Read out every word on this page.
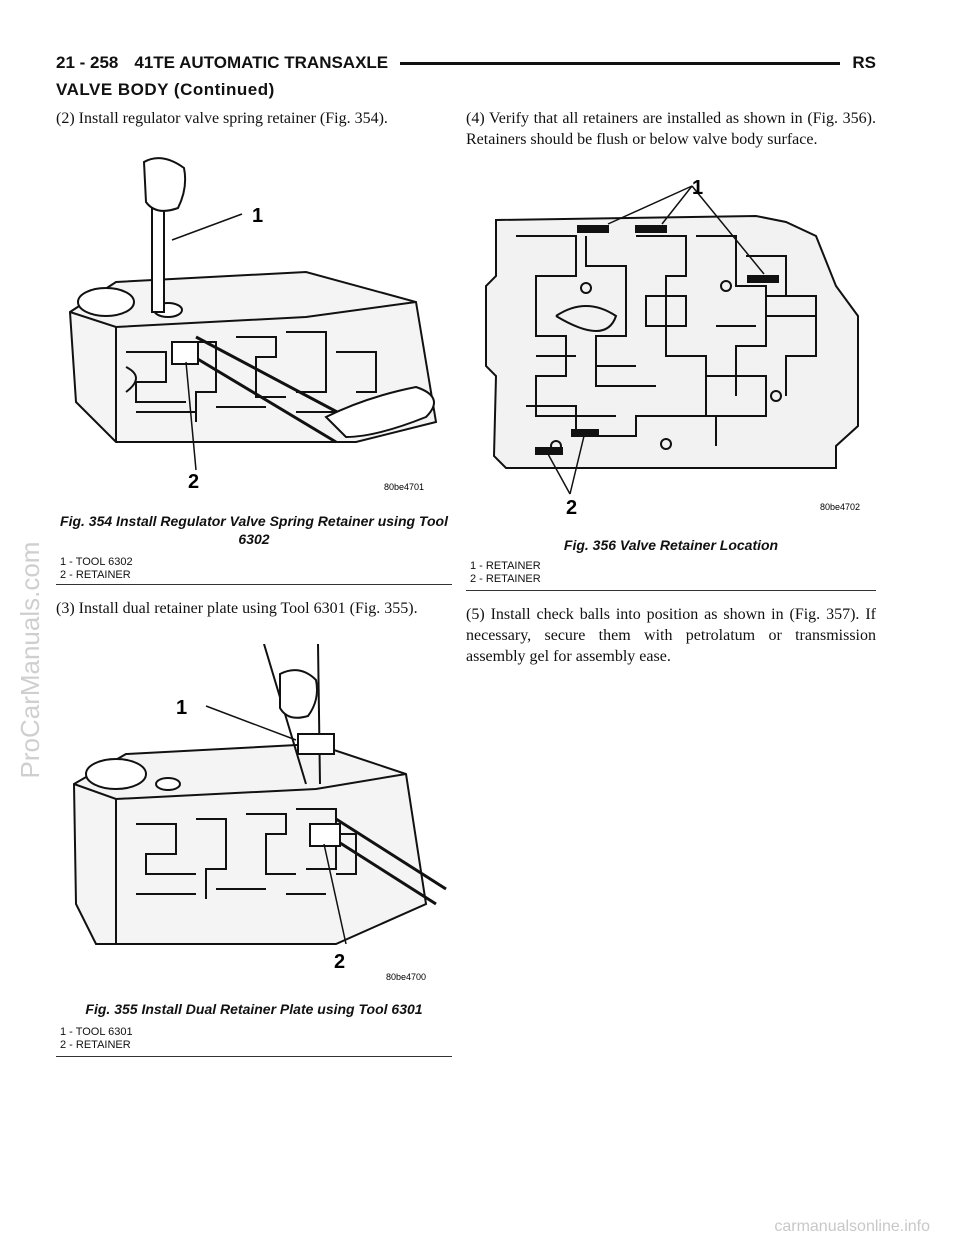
ProCarManuals.com
carmanualsonline.info
21 - 258 41TE AUTOMATIC TRANSAXLE	RS
VALVE BODY (Continued)

(2) Install regulator valve spring retainer (Fig. 354).

1
2	80be4701
Fig. 354 Install Regulator Valve Spring Retainer using Tool 6302
1 - TOOL 6302
2 - RETAINER

(3) Install dual retainer plate using Tool 6301 (Fig. 355).

1
2
80be4700
Fig. 355 Install Dual Retainer Plate using Tool 6301
1 - TOOL 6301
2 - RETAINER

(4) Verify that all retainers are installed as shown in (Fig. 356). Retainers should be flush or below valve body surface.

1
2	80be4702
Fig. 356 Valve Retainer Location
1 - RETAINER
2 - RETAINER

(5) Install check balls into position as shown in (Fig. 357). If necessary, secure them with petrolatum or transmission assembly gel for assembly ease.
